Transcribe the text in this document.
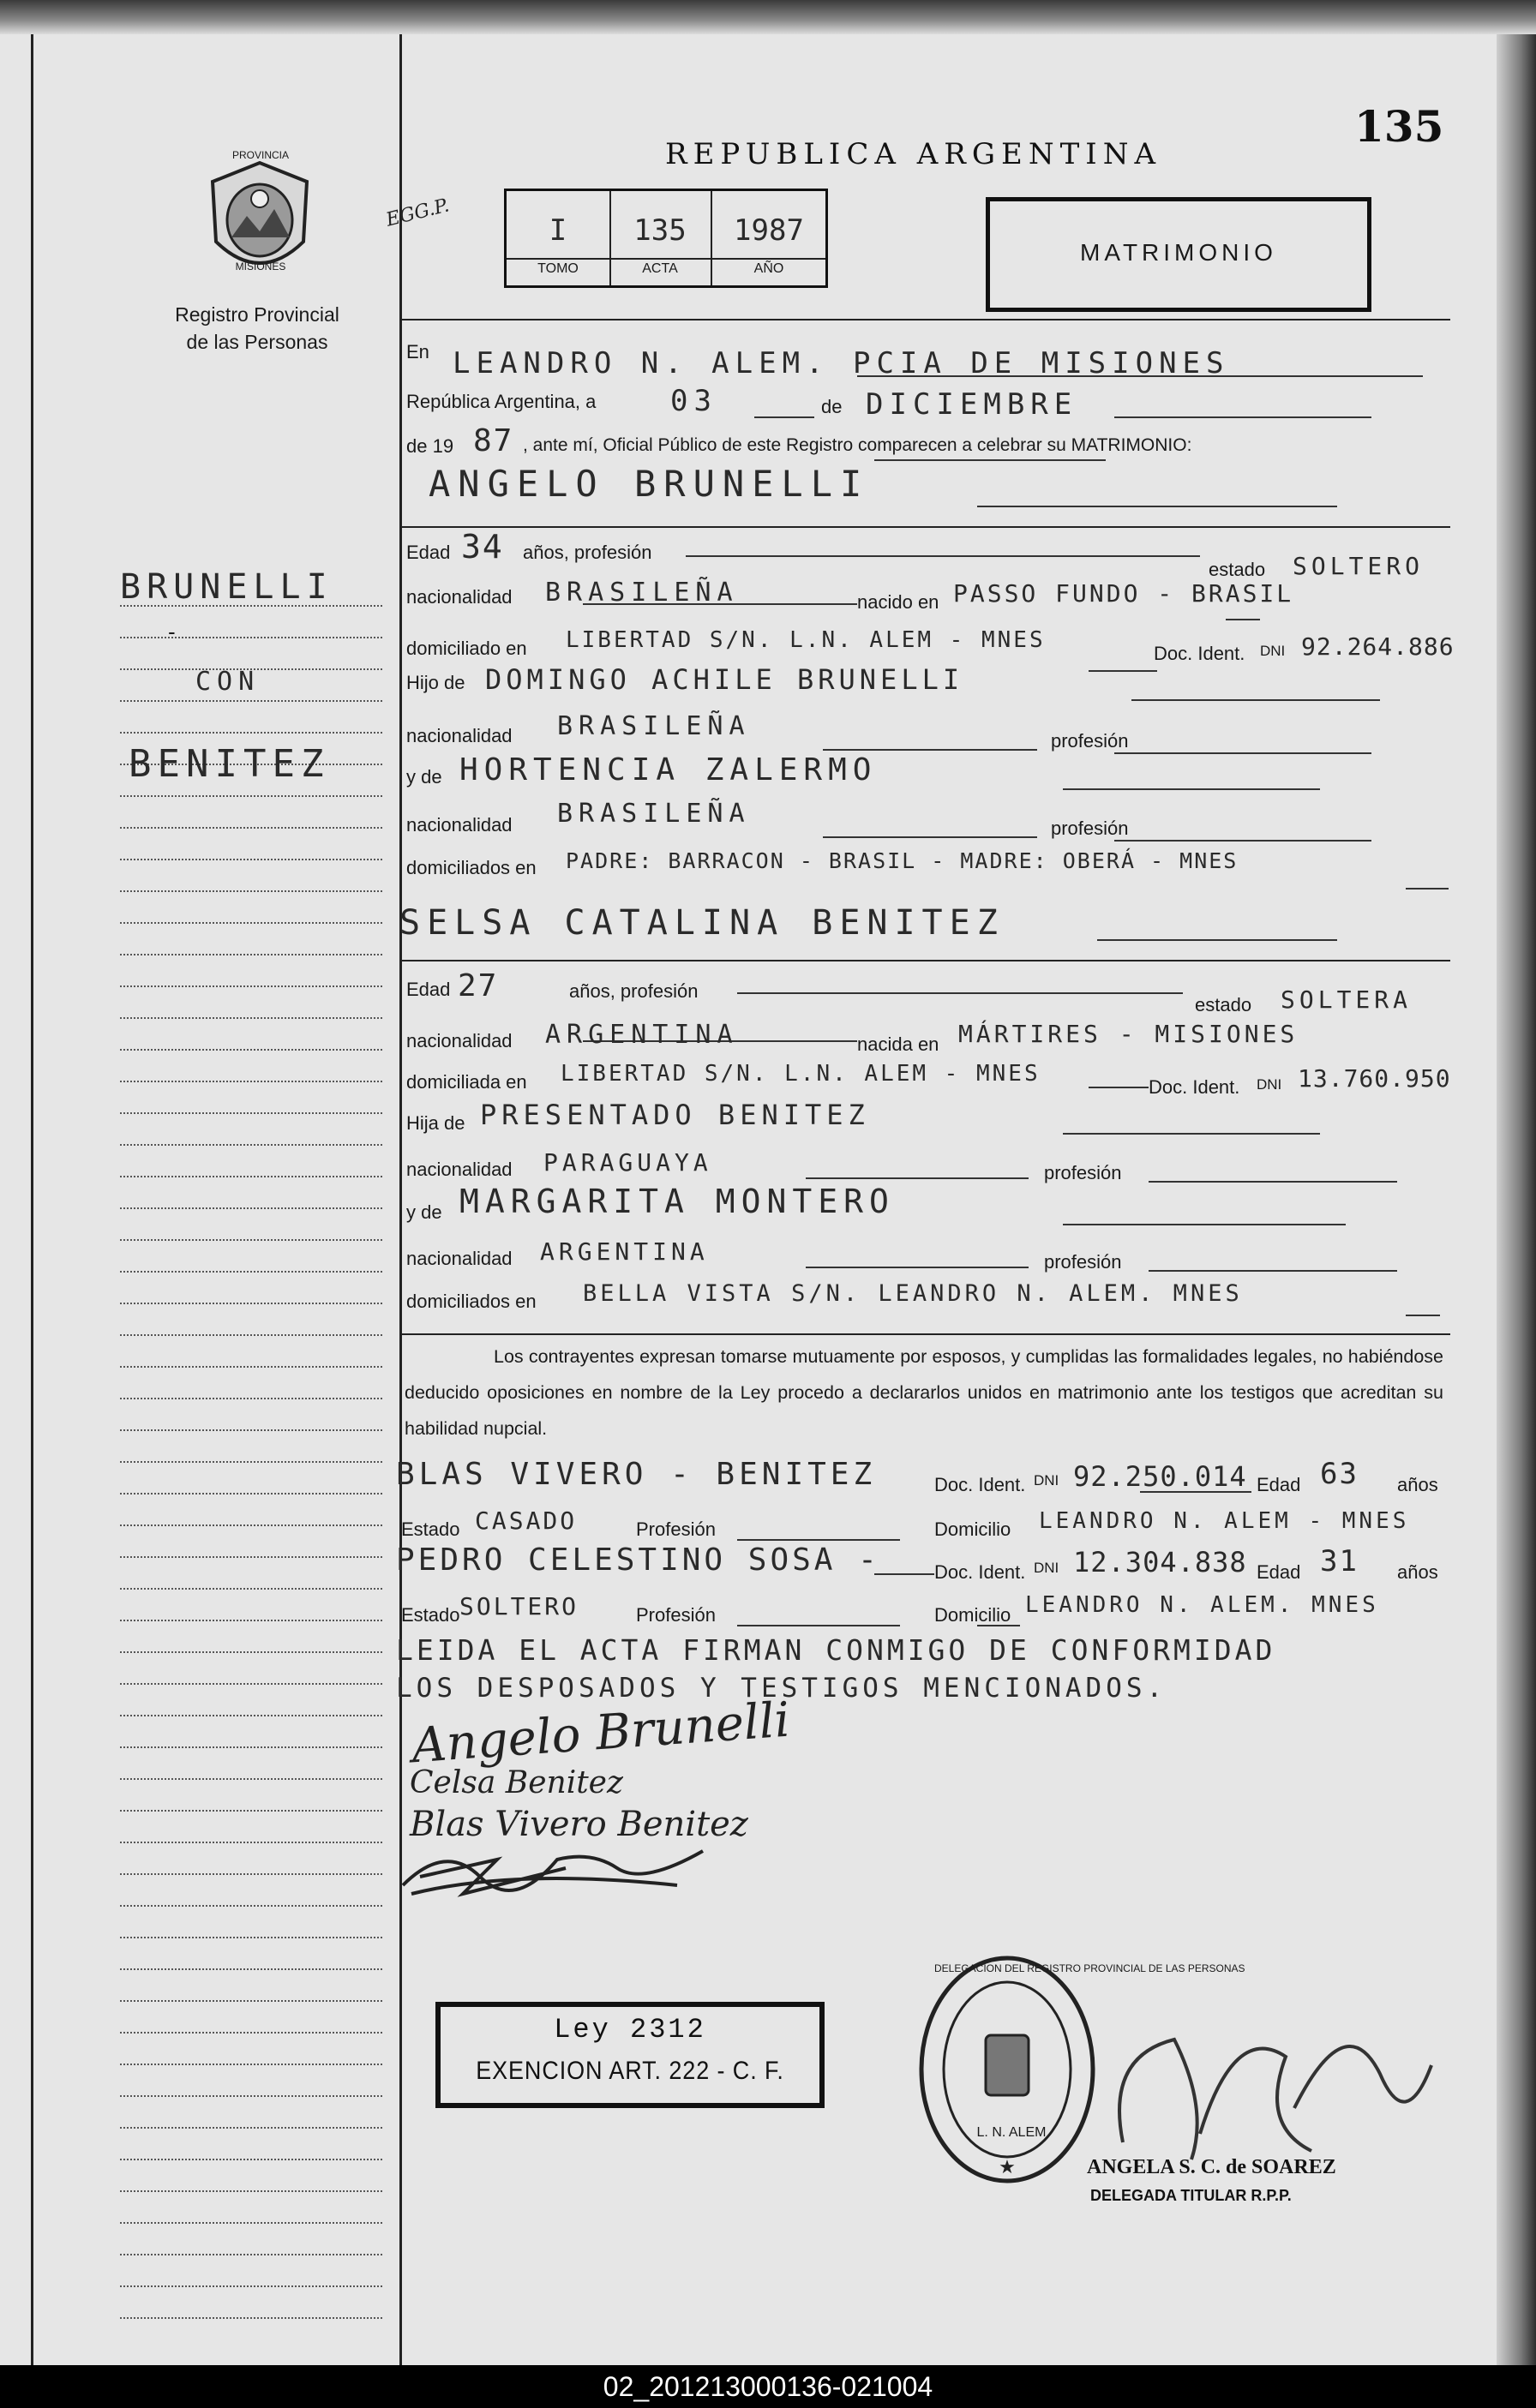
135
PROVINCIA
MISIONES
Registro Provincial
de las Personas
REPUBLICA ARGENTINA
EGG.P.	I	135	1987
TOMO	ACTA	AÑO
MATRIMONIO
BRUNELLI
-
CON
BENITEZ
En LEANDRO N. ALEM. PCIA DE MISIONES
República Argentina, a	03	de DICIEMBRE
de 19 87 , ante mí, Oficial Público de este Registro comparecen a celebrar su MATRIMONIO:
ANGELO BRUNELLI
Edad 34 años, profesión
estado SOLTERO
nacionalidad BRASILEÑA	nacido en PASSO FUNDO - BRASIL
domiciliado en LIBERTAD S/N. L.N. ALEM - MNES
Doc. Ident. DNI 92.264.886
Hijo de DOMINGO ACHILE BRUNELLI
nacionalidad BRASILEÑA	profesión
y de HORTENCIA ZALERMO
nacionalidad BRASILEÑA	profesión
domiciliados en PADRE: BARRACON - BRASIL - MADRE: OBERÁ - MNES
SELSA CATALINA BENITEZ
Edad 27	años, profesión
estado SOLTERA
nacionalidad ARGENTINA	nacida en MÁRTIRES - MISIONES
domiciliada en LIBERTAD S/N. L.N. ALEM - MNES
Doc. Ident. DNI 13.760.950
Hija de PRESENTADO BENITEZ
nacionalidad PARAGUAYA	profesión
y de MARGARITA MONTERO
nacionalidad ARGENTINA	profesión
domiciliados en BELLA VISTA S/N. LEANDRO N. ALEM. MNES
Los contrayentes expresan tomarse mutuamente por esposos, y cumplidas las formalidades legales, no habiéndose deducido oposiciones en nombre de la Ley procedo a declararlos unidos en matrimonio ante los testigos que acreditan su habilidad nupcial.
BLAS VIVERO - BENITEZ	Doc. Ident. DNI 92.250.014 Edad 63 años
Estado CASADO	Profesión	Domicilio LEANDRO N. ALEM - MNES
PEDRO CELESTINO SOSA -	Doc. Ident. DNI 12.304.838 Edad 31 años
Estado SOLTERO	Profesión	Domicilio LEANDRO N. ALEM. MNES
LEIDA EL ACTA FIRMAN CONMIGO DE CONFORMIDAD
LOS DESPOSADOS Y TESTIGOS MENCIONADOS.
Angelo Brunelli
Celsa Benitez
Blas Vivero Benitez
Ley 2312
EXENCION ART. 222 - C. F.
★
DELEGACION DEL REGISTRO PROVINCIAL DE LAS PERSONAS
L. N. ALEM
ANGELA S. C. de SOAREZ
DELEGADA TITULAR R.P.P.
02_201213000136-021004
